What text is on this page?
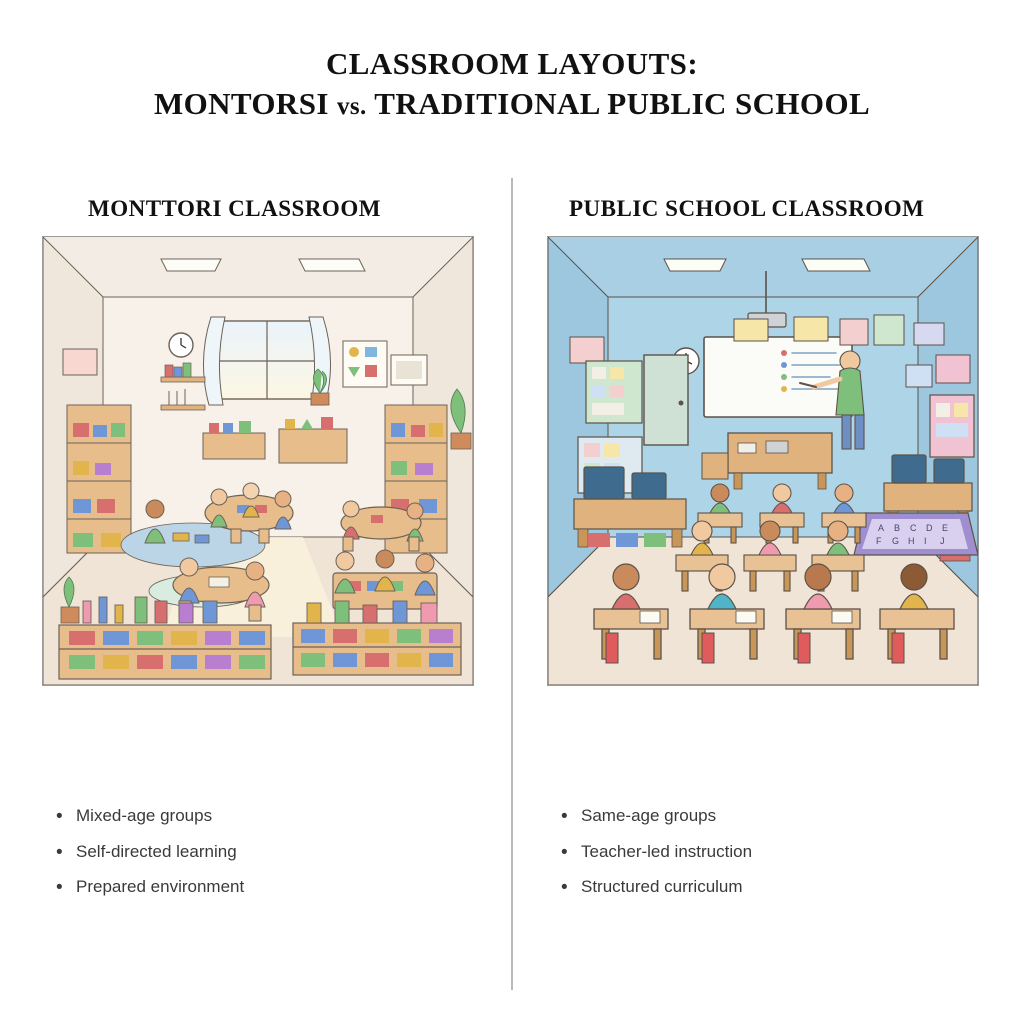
CLASSROOM LAYOUTS:
MONTORSI vs. TRADITIONAL PUBLIC SCHOOL
MONTTORI CLASSROOM
• Mixed-age groups
• Self-directed learning
• Prepared environment
PUBLIC SCHOOL CLASSROOM
A B C D E
F G H I J
• Same-age groups
• Teacher-led instruction
• Structured curriculum
